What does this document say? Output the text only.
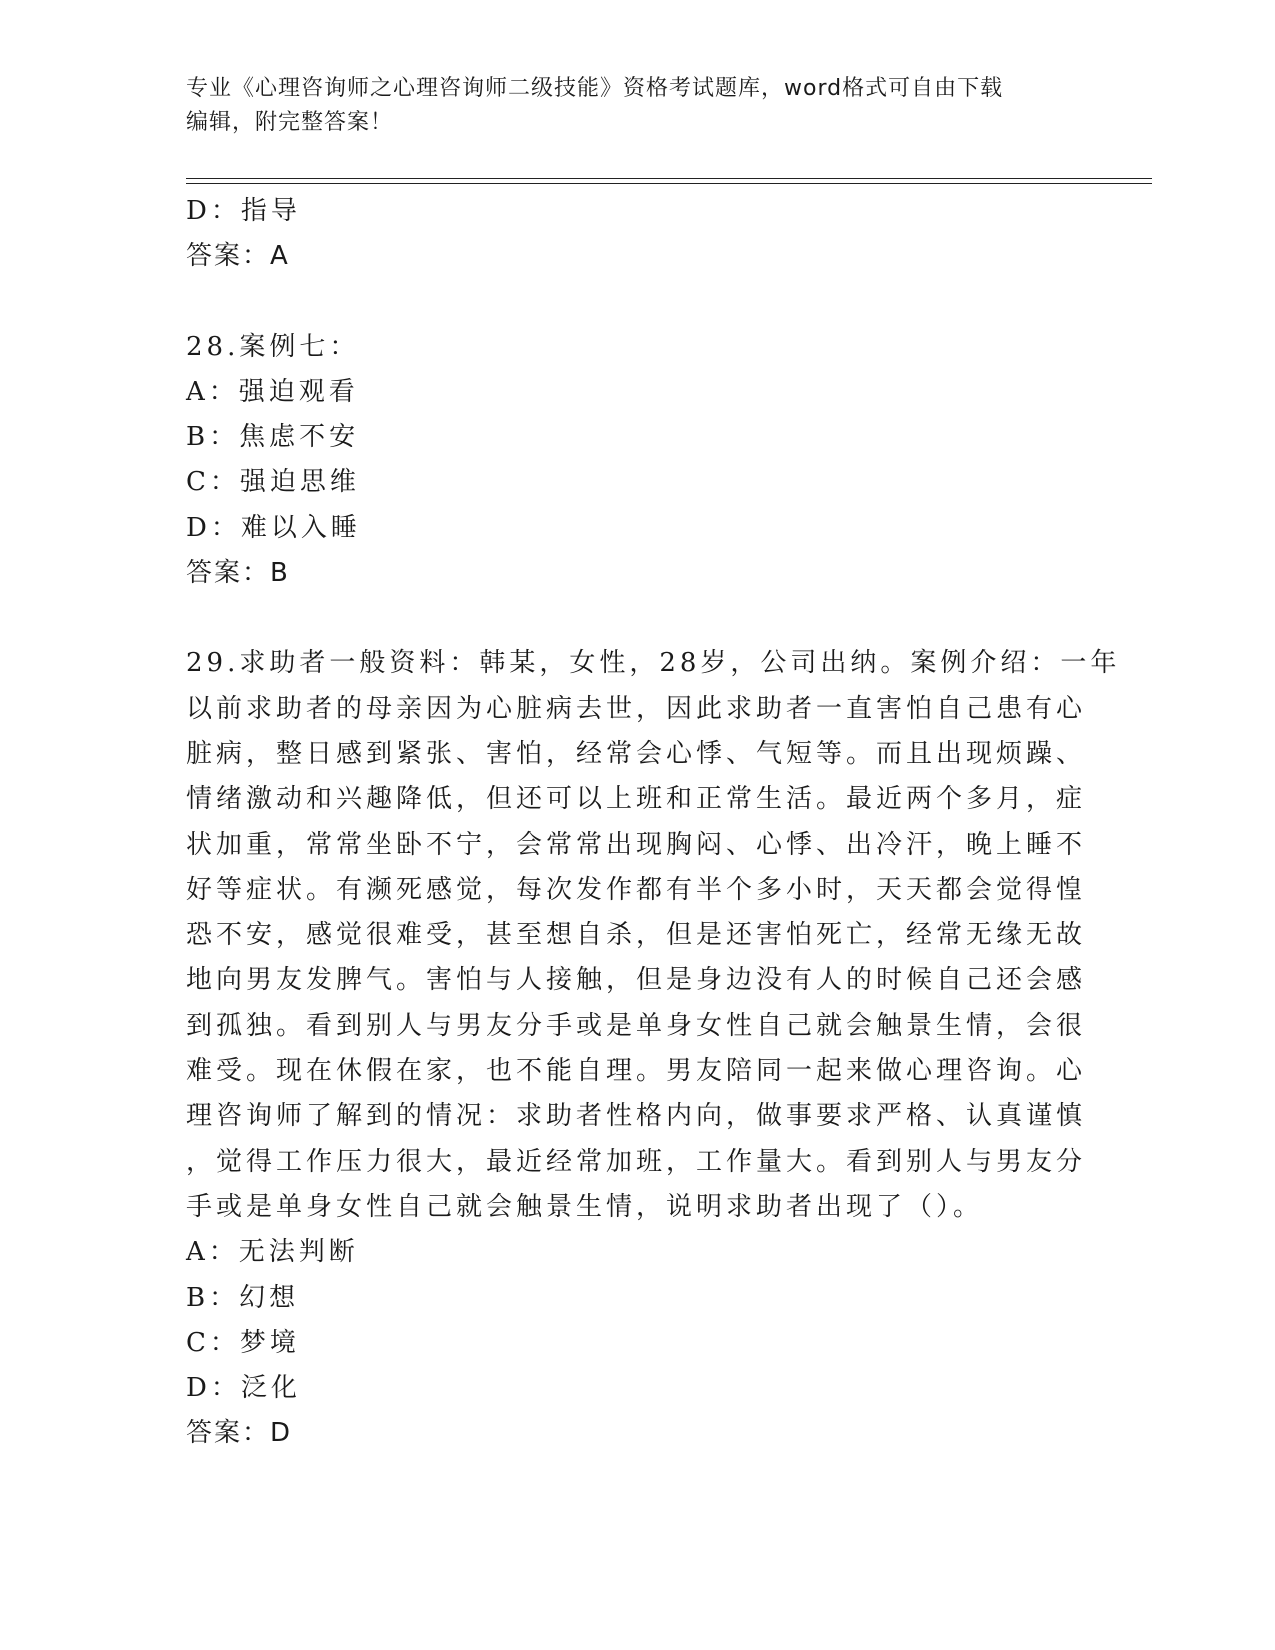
专业《心理咨询师之心理咨询师二级技能》资格考试题库，word格式可自由下载
编辑，附完整答案！
D：指导
答案：A
28.案例七：
A：强迫观看
B：焦虑不安
C：强迫思维
D：难以入睡
答案：B
29.求助者一般资料：韩某，女性，28岁，公司出纳。案例介绍：一年
以前求助者的母亲因为心脏病去世，因此求助者一直害怕自己患有心
脏病，整日感到紧张、害怕，经常会心悸、气短等。而且出现烦躁、
情绪激动和兴趣降低，但还可以上班和正常生活。最近两个多月，症
状加重，常常坐卧不宁，会常常出现胸闷、心悸、出冷汗，晚上睡不
好等症状。有濒死感觉，每次发作都有半个多小时，天天都会觉得惶
恐不安，感觉很难受，甚至想自杀，但是还害怕死亡，经常无缘无故
地向男友发脾气。害怕与人接触，但是身边没有人的时候自己还会感
到孤独。看到别人与男友分手或是单身女性自己就会触景生情，会很
难受。现在休假在家，也不能自理。男友陪同一起来做心理咨询。心
理咨询师了解到的情况：求助者性格内向，做事要求严格、认真谨慎
，觉得工作压力很大，最近经常加班，工作量大。看到别人与男友分
手或是单身女性自己就会触景生情，说明求助者出现了（）。
A：无法判断
B：幻想
C：梦境
D：泛化
答案：D
